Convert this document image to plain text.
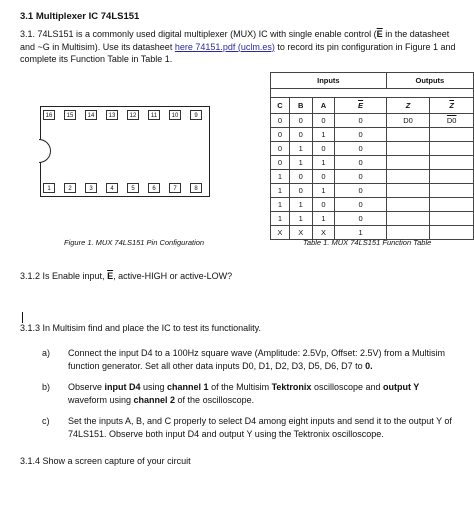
3.1 Multiplexer IC 74LS151
3.1. 74LS151 is a commonly used digital multiplexer (MUX) IC with single enable control ($\overline{E}$ in the datasheet and ~G in Multisim). Use its datasheet here 74151.pdf (uclm.es) to record its pin configuration in Figure 1 and complete its Function Table in Table 1.
16	15	14	13	12	11	10	9
1	2	3	4	5	6	7	8
Figure 1. MUX 74LS151 Pin Configuration
Inputs				Outputs	

C	B	A	$\overline{E}$	Z	$\overline{Z}$
0	0	0	0	D0	D0
0	0	1	0		
0	1	0	0		
0	1	1	0		
1	0	0	0		
1	0	1	0		
1	1	0	0		
1	1	1	0		
X	X	X	1		
Table 1. MUX 74LS151 Function Table
3.1.2 Is Enable input, $\overline{E}$, active-HIGH or active-LOW?
3.1.3 In Multisim find and place the IC to test its functionality.
a) Connect the input D4 to a 100Hz square wave (Amplitude: 2.5Vp, Offset: 2.5V) from a Multisim function generator. Set all other data inputs D0, D1, D2, D3, D5, D6, D7 to 0.
b) Observe input D4 using channel 1 of the Multisim Tektronix oscilloscope and output Y waveform using channel 2 of the oscilloscope.
c) Set the inputs A, B, and C properly to select D4 among eight inputs and send it to the output Y of 74LS151. Observe both input D4 and output Y using the Tektronix oscilloscope.
3.1.4 Show a screen capture of your circuit
